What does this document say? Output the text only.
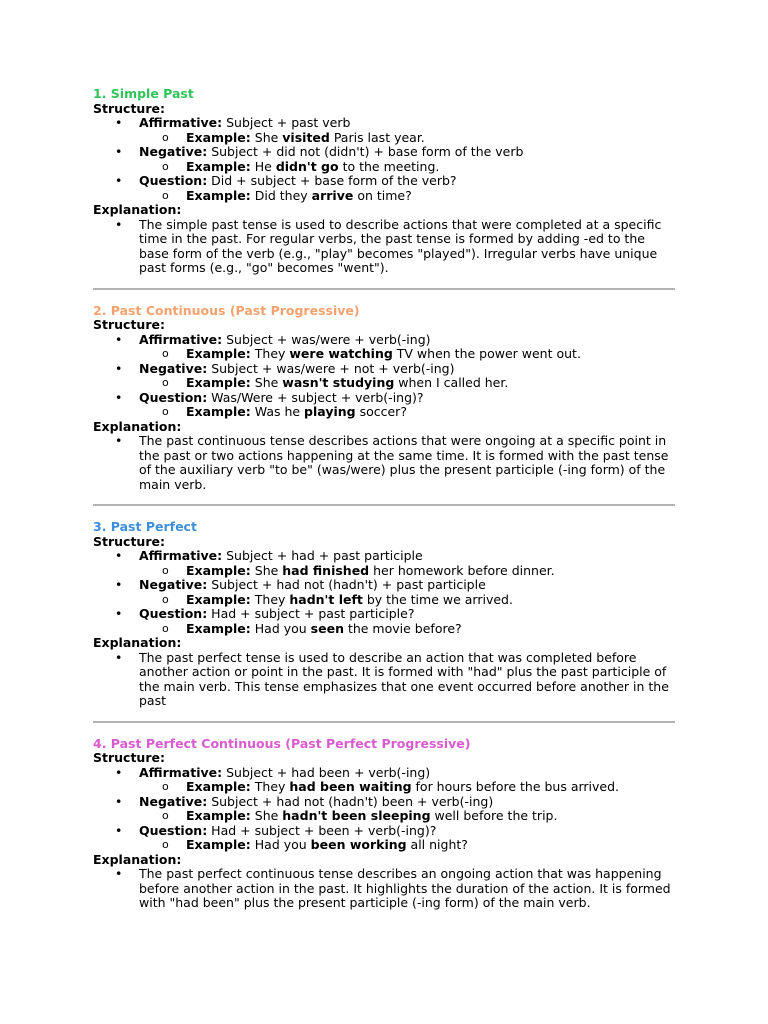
1. Simple Past

Structure:

• Affirmative: Subject + past verb
o Example: She visited Paris last year.
• Negative: Subject + did not (didn't) + base form of the verb
o Example: He didn't go to the meeting.
• Question: Did + subject + base form of the verb?
o Example: Did they arrive on time?

Explanation:

• The simple past tense is used to describe actions that were completed at a specific time in the past. For regular verbs, the past tense is formed by adding -ed to the base form of the verb (e.g., "play" becomes "played"). Irregular verbs have unique past forms (e.g., "go" becomes "went").

2. Past Continuous (Past Progressive)

Structure:

• Affirmative: Subject + was/were + verb(-ing)
o Example: They were watching TV when the power went out.
• Negative: Subject + was/were + not + verb(-ing)
o Example: She wasn't studying when I called her.
• Question: Was/Were + subject + verb(-ing)?
o Example: Was he playing soccer?

Explanation:

• The past continuous tense describes actions that were ongoing at a specific point in the past or two actions happening at the same time. It is formed with the past tense of the auxiliary verb "to be" (was/were) plus the present participle (-ing form) of the main verb.

3. Past Perfect

Structure:

• Affirmative: Subject + had + past participle
o Example: She had finished her homework before dinner.
• Negative: Subject + had not (hadn't) + past participle
o Example: They hadn't left by the time we arrived.
• Question: Had + subject + past participle?
o Example: Had you seen the movie before?

Explanation:

• The past perfect tense is used to describe an action that was completed before another action or point in the past. It is formed with "had" plus the past participle of the main verb. This tense emphasizes that one event occurred before another in the past

4. Past Perfect Continuous (Past Perfect Progressive)

Structure:

• Affirmative: Subject + had been + verb(-ing)
o Example: They had been waiting for hours before the bus arrived.
• Negative: Subject + had not (hadn't) been + verb(-ing)
o Example: She hadn't been sleeping well before the trip.
• Question: Had + subject + been + verb(-ing)?
o Example: Had you been working all night?

Explanation:

• The past perfect continuous tense describes an ongoing action that was happening before another action in the past. It highlights the duration of the action. It is formed with "had been" plus the present participle (-ing form) of the main verb.
